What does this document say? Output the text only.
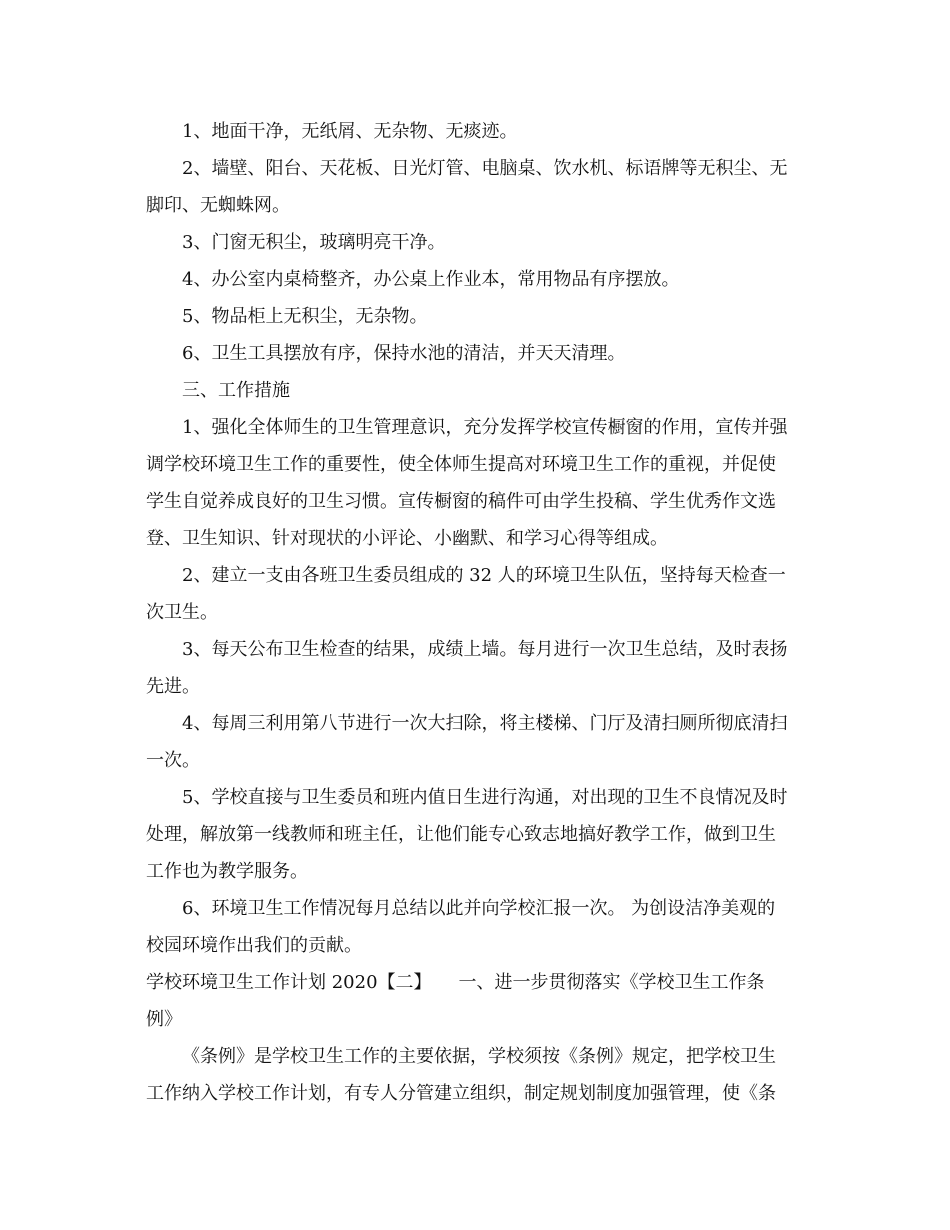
1、地面干净，无纸屑、无杂物、无痰迹。

2、墙壁、阳台、天花板、日光灯管、电脑桌、饮水机、标语牌等无积尘、无

脚印、无蜘蛛网。

3、门窗无积尘，玻璃明亮干净。

4、办公室内桌椅整齐，办公桌上作业本，常用物品有序摆放。

5、物品柜上无积尘，无杂物。

6、卫生工具摆放有序，保持水池的清洁，并天天清理。

三、工作措施

1、强化全体师生的卫生管理意识，充分发挥学校宣传橱窗的作用，宣传并强

调学校环境卫生工作的重要性，使全体师生提高对环境卫生工作的重视，并促使

学生自觉养成良好的卫生习惯。宣传橱窗的稿件可由学生投稿、学生优秀作文选

登、卫生知识、针对现状的小评论、小幽默、和学习心得等组成。

2、建立一支由各班卫生委员组成的 32 人的环境卫生队伍，坚持每天检查一

次卫生。

3、每天公布卫生检查的结果，成绩上墙。每月进行一次卫生总结，及时表扬

先进。

4、每周三利用第八节进行一次大扫除，将主楼梯、门厅及清扫厕所彻底清扫

一次。

5、学校直接与卫生委员和班内值日生进行沟通，对出现的卫生不良情况及时

处理，解放第一线教师和班主任，让他们能专心致志地搞好教学工作，做到卫生

工作也为教学服务。

6、环境卫生工作情况每月总结以此并向学校汇报一次。 为创设洁净美观的

校园环境作出我们的贡献。

学校环境卫生工作计划 2020【二】　　一、进一步贯彻落实《学校卫生工作条

例》

《条例》是学校卫生工作的主要依据，学校须按《条例》规定，把学校卫生

工作纳入学校工作计划，有专人分管建立组织，制定规划制度加强管理，使《条
